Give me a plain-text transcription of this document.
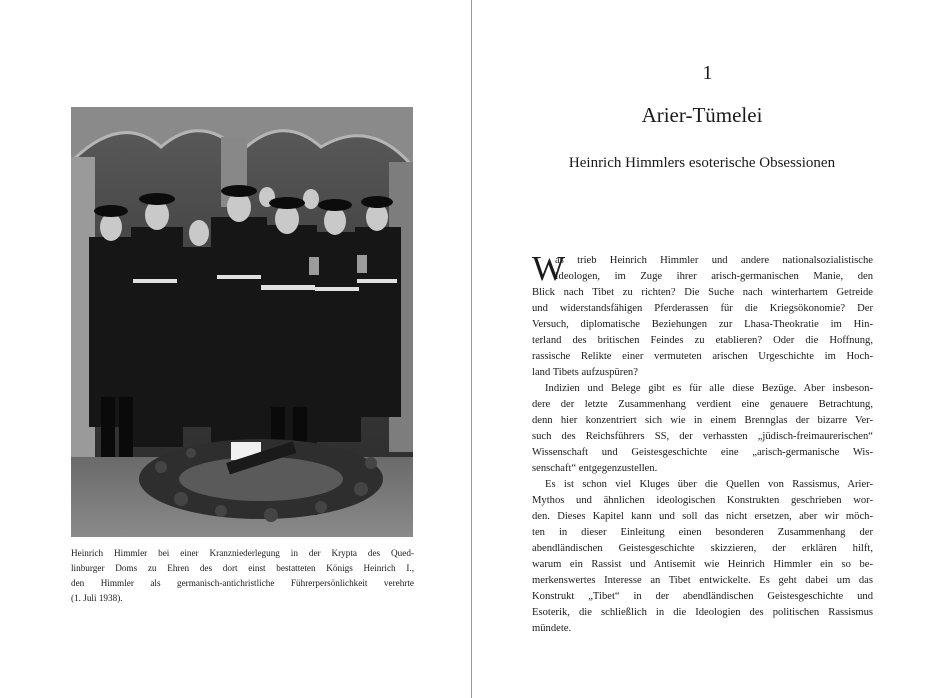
Heinrich Himmler bei einer Kranzniederlegung in der Krypta des Qued-
linburger Doms zu Ehren des dort einst bestatteten Königs Heinrich I.,
den Himmler als germanisch-antichristliche Führerpersönlichkeit verehrte
(1. Juli 1938).
1
Arier-Tümelei
Heinrich Himmlers esoterische Obsessionen
W
as trieb Heinrich Himmler und andere nationalsozialistische
Ideologen, im Zuge ihrer arisch-germanischen Manie, den
Blick nach Tibet zu richten? Die Suche nach winterhartem Getreide
und widerstandsfähigen Pferderassen für die Kriegsökonomie? Der
Versuch, diplomatische Beziehungen zur Lhasa-Theokratie im Hin-
terland des britischen Feindes zu etablieren? Oder die Hoffnung,
rassische Relikte einer vermuteten arischen Urgeschichte im Hoch-
land Tibets aufzuspüren?
Indizien und Belege gibt es für alle diese Bezüge. Aber insbeson-
dere der letzte Zusammenhang verdient eine genauere Betrachtung,
denn hier konzentriert sich wie in einem Brennglas der bizarre Ver-
such des Reichsführers SS, der verhassten „jüdisch-freimaurerischen“
Wissenschaft und Geistesgeschichte eine „arisch-germanische Wis-
senschaft“ entgegenzustellen.
Es ist schon viel Kluges über die Quellen von Rassismus, Arier-
Mythos und ähnlichen ideologischen Konstrukten geschrieben wor-
den. Dieses Kapitel kann und soll das nicht ersetzen, aber wir möch-
ten in dieser Einleitung einen besonderen Zusammenhang der
abendländischen Geistesgeschichte skizzieren, der erklären hilft,
warum ein Rassist und Antisemit wie Heinrich Himmler ein so be-
merkenswertes Interesse an Tibet entwickelte. Es geht dabei um das
Konstrukt „Tibet“ in der abendländischen Geistesgeschichte und
Esoterik, die schließlich in die Ideologien des politischen Rassismus
mündete.
